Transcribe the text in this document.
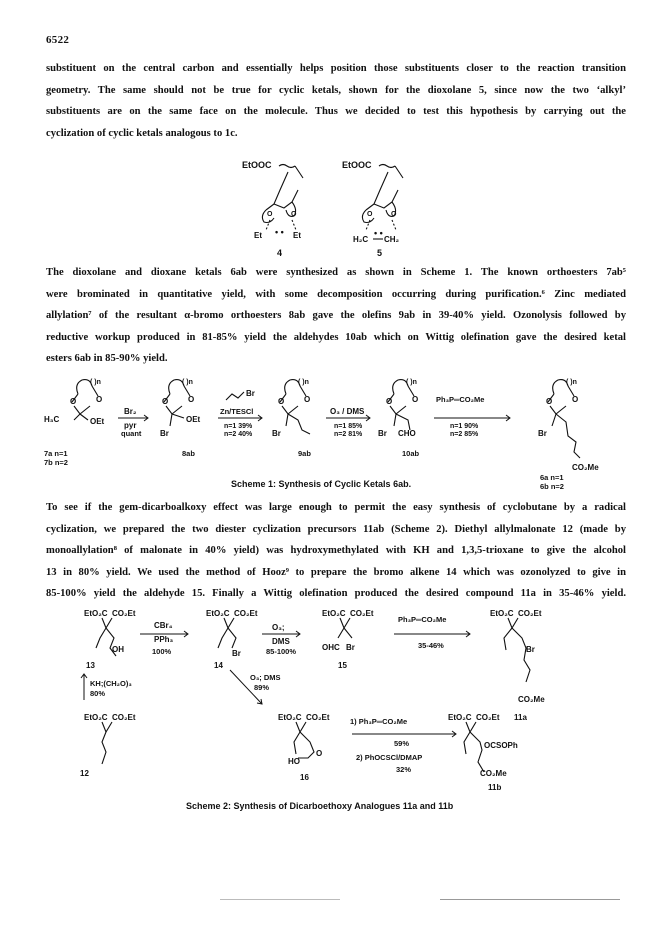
6522
substituent on the central carbon and essentially helps position those substituents closer to the reaction transition
geometry. The same should not be true for cyclic ketals, shown for the dioxolane 5, since now the two ‘alkyl’
substituents are on the same face on the molecule. Thus we decided to test this hypothesis by carrying out the
cyclization of cyclic ketals analogous to 1c.
EtOOC
O	O
Et	Et
• •
4
EtOOC
O	O
H₂C CH₂
• •
5
The dioxolane and dioxane ketals 6ab were synthesized as shown in Scheme 1. The known orthoesters 7ab⁵
were brominated in quantitative yield, with some decomposition occurring during purification.⁶ Zinc mediated
allylation⁷ of the resultant α-bromo orthoesters 8ab gave the olefins 9ab in 39-40% yield. Ozonolysis followed by
reductive workup produced in 81-85% yield the aldehydes 10ab which on Wittig olefination gave the desired ketal
esters 6ab in 85-90% yield.
O O
( )n
H₃C	OEt
7a n=1
7b n=2
Br₂
pyr
quant
O O
( )n
OEt
Br
8ab
Br
Zn/TESCl
n=1 39%
n=2 40%
O O
( )n
Br
9ab
O₃ / DMS
n=1 85%
n=2 81%
O O
( )n
Br CHO
10ab
Ph₃P═CO₂Me
n=1 90%
n=2 85%
O O
( )n
Br
CO₂Me
6a n=1
6b n=2
Scheme 1: Synthesis of Cyclic Ketals 6ab.
To see if the gem-dicarboalkoxy effect was large enough to permit the easy synthesis of cyclobutane by a radical
cyclization, we prepared the two diester cyclization precursors 11ab (Scheme 2). Diethyl allylmalonate 12 (made by
monoallylation⁸ of malonate in 40% yield) was hydroxymethylated with KH and 1,3,5-trioxane to give the alcohol
13 in 80% yield. We used the method of Hooz⁹ to prepare the bromo alkene 14 which was ozonolyzed to give in
85-100% yield the aldehyde 15. Finally a Wittig olefination produced the desired compound 11a in 35-46% yield.
EtO₂C CO₂Et
OH
13
CBr₄
PPh₃
100%
EtO₂C CO₂Et
Br
14
O₃;
DMS
85-100%
EtO₂C CO₂Et
OHC Br
15
Ph₃P═CO₂Me
35-46%
EtO₂C CO₂Et
Br
CO₂Me
KH;(CH₂O)₃
80%
EtO₂C CO₂Et
12
O₃; DMS
89%
EtO₂C CO₂Et 11a
EtO₂C CO₂Et
HO
O
16
1) Ph₃P═CO₂Me
59%
2) PhOCSCl/DMAP
32%
OCSOPh
CO₂Me
11b
Scheme 2: Synthesis of Dicarboethoxy Analogues 11a and 11b
